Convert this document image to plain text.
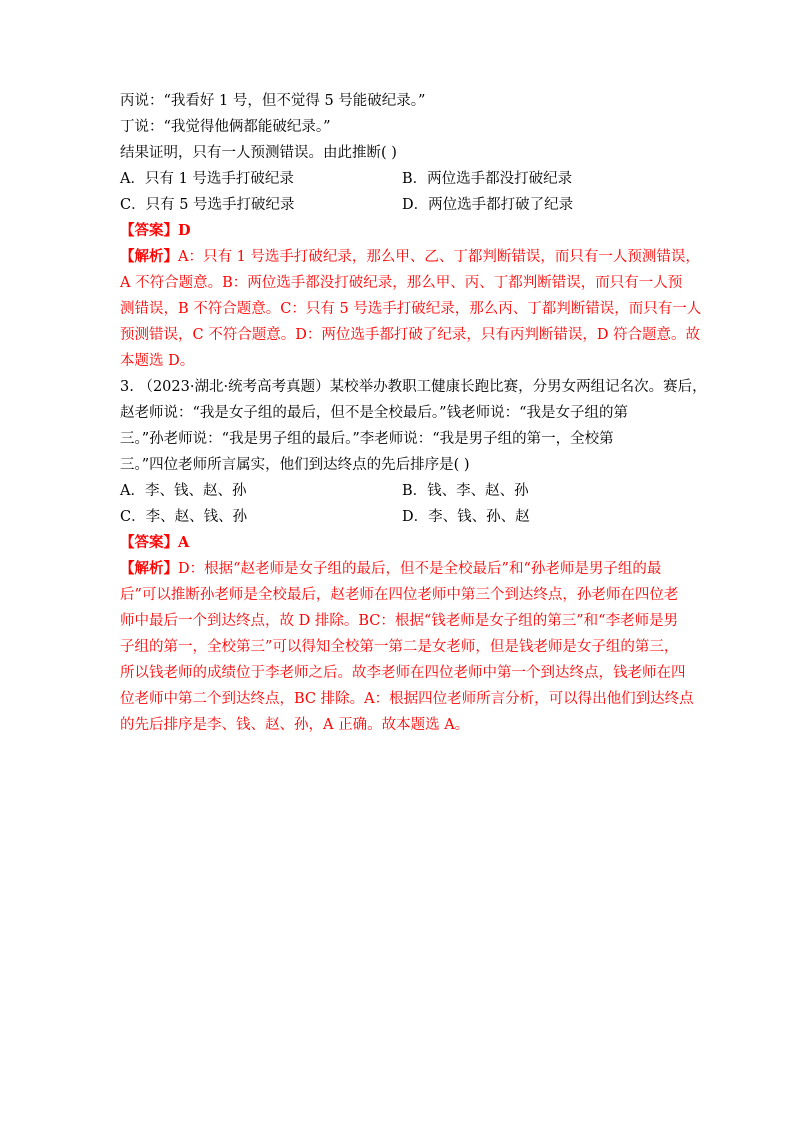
丙说：“我看好 1 号，但不觉得 5 号能破纪录。”
丁说：“我觉得他俩都能破纪录。”
结果证明，只有一人预测错误。由此推断( )
A．只有 1 号选手打破纪录	B．两位选手都没打破纪录
C．只有 5 号选手打破纪录	D．两位选手都打破了纪录
【答案】D
【解析】A：只有 1 号选手打破纪录，那么甲、乙、丁都判断错误，而只有一人预测错误，
A 不符合题意。B：两位选手都没打破纪录，那么甲、丙、丁都判断错误，而只有一人预
测错误，B 不符合题意。C：只有 5 号选手打破纪录，那么丙、丁都判断错误，而只有一人
预测错误，C 不符合题意。D：两位选手都打破了纪录，只有丙判断错误，D 符合题意。故
本题选 D。
3. （2023·湖北·统考高考真题）某校举办教职工健康长跑比赛，分男女两组记名次。赛后，
赵老师说：“我是女子组的最后，但不是全校最后。”钱老师说：“我是女子组的第
三。”孙老师说：“我是男子组的最后。”李老师说：“我是男子组的第一，全校第
三。”四位老师所言属实，他们到达终点的先后排序是( )
A．李、钱、赵、孙	B．钱、李、赵、孙
C．李、赵、钱、孙	D．李、钱、孙、赵
【答案】A
【解析】D：根据“赵老师是女子组的最后，但不是全校最后”和“孙老师是男子组的最
后”可以推断孙老师是全校最后，赵老师在四位老师中第三个到达终点，孙老师在四位老
师中最后一个到达终点，故 D 排除。BC：根据“钱老师是女子组的第三”和“李老师是男
子组的第一，全校第三”可以得知全校第一第二是女老师，但是钱老师是女子组的第三，
所以钱老师的成绩位于李老师之后。故李老师在四位老师中第一个到达终点，钱老师在四
位老师中第二个到达终点，BC 排除。A：根据四位老师所言分析，可以得出他们到达终点
的先后排序是李、钱、赵、孙，A 正确。故本题选 A。
